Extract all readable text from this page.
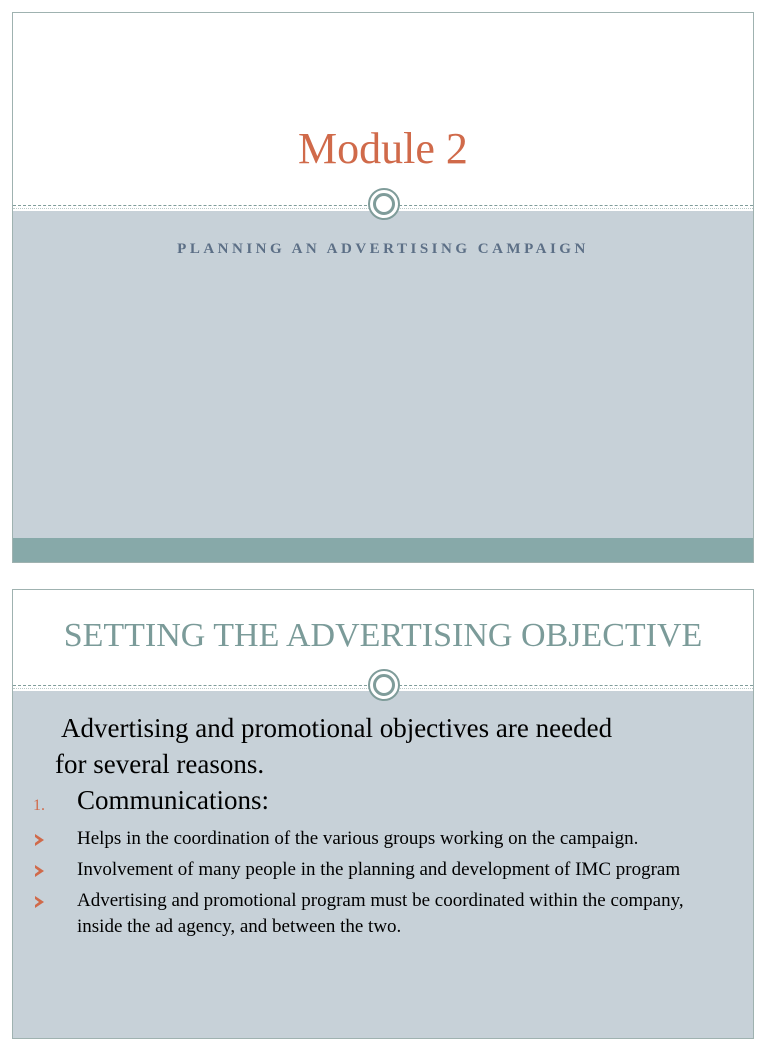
Module 2
PLANNING AN ADVERTISING CAMPAIGN
SETTING THE ADVERTISING OBJECTIVE
Advertising and promotional objectives are needed
for several reasons.
1. Communications:
Helps in the coordination of the various groups working on the campaign.
Involvement of many people in the planning and development of IMC program
Advertising and promotional program must be coordinated within the company, inside the ad agency, and between the two.
